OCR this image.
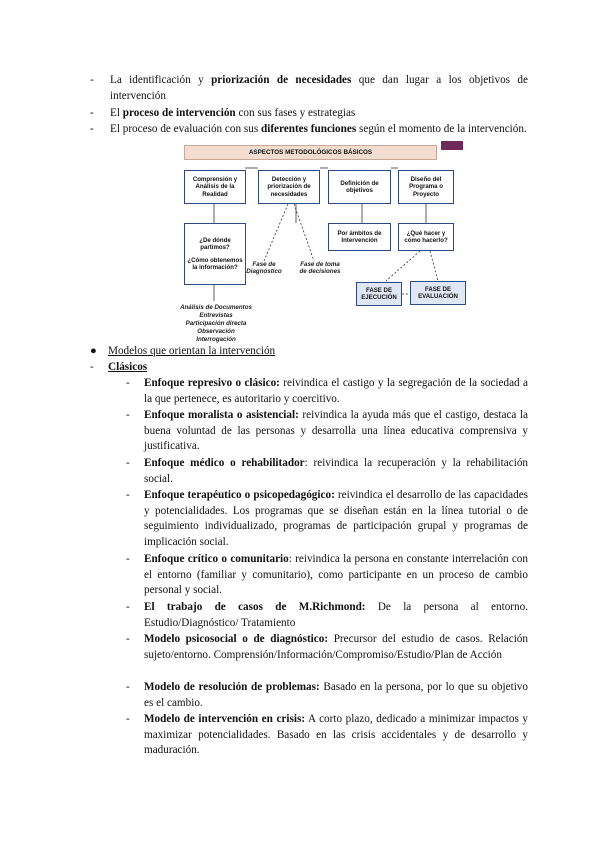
- La identificación y priorización de necesidades que dan lugar a los objetivos de intervención
- El proceso de intervención con sus fases y estrategias
- El proceso de evaluación con sus diferentes funciones según el momento de la intervención.
ASPECTOS METODOLÓGICOS BÁSICOS
Comprensión y Análisis de la Realidad
Detección y priorización de necesidades
Definición de objetivos
Diseño del Programa o Proyecto
¿De dónde partimos?
¿Cómo obtenemos la información?
Por ámbitos de Intervención
¿Qué hacer y cómo hacerlo?
Fase de Diagnóstico
Fase de toma de decisiones
FASE DE EJECUCIÓN
FASE DE EVALUACIÓN
Análisis de Documentos
Entrevistas
Participación directa
Observación
Interrogación
● Modelos que orientan la intervención
- Clásicos
- Enfoque represivo o clásico: reivindica el castigo y la segregación de la sociedad a la que pertenece, es autoritario y coercitivo.
- Enfoque moralista o asistencial: reivindica la ayuda más que el castigo, destaca la buena voluntad de las personas y desarrolla una línea educativa comprensiva y justificativa.
- Enfoque médico o rehabilitador: reivindica la recuperación y la rehabilitación social.
- Enfoque terapéutico o psicopedagógico: reivindica el desarrollo de las capacidades y potencialidades. Los programas que se diseñan están en la línea tutorial o de seguimiento individualizado, programas de participación grupal y programas de implicación social.
- Enfoque crítico o comunitario: reivindica la persona en constante interrelación con el entorno (familiar y comunitario), como participante en un proceso de cambio personal y social.
- El trabajo de casos de M.Richmond: De la persona al entorno. Estudio/Diagnóstico/ Tratamiento
- Modelo psicosocial o de diagnóstico: Precursor del estudio de casos. Relación sujeto/entorno. Comprensión/Información/Compromiso/Estudio/Plan de Acción
- Modelo de resolución de problemas: Basado en la persona, por lo que su objetivo es el cambio.
- Modelo de intervención en crisis: A corto plazo, dedicado a minimizar impactos y maximizar potencialidades. Basado en las crisis accidentales y de desarrollo y maduración.
